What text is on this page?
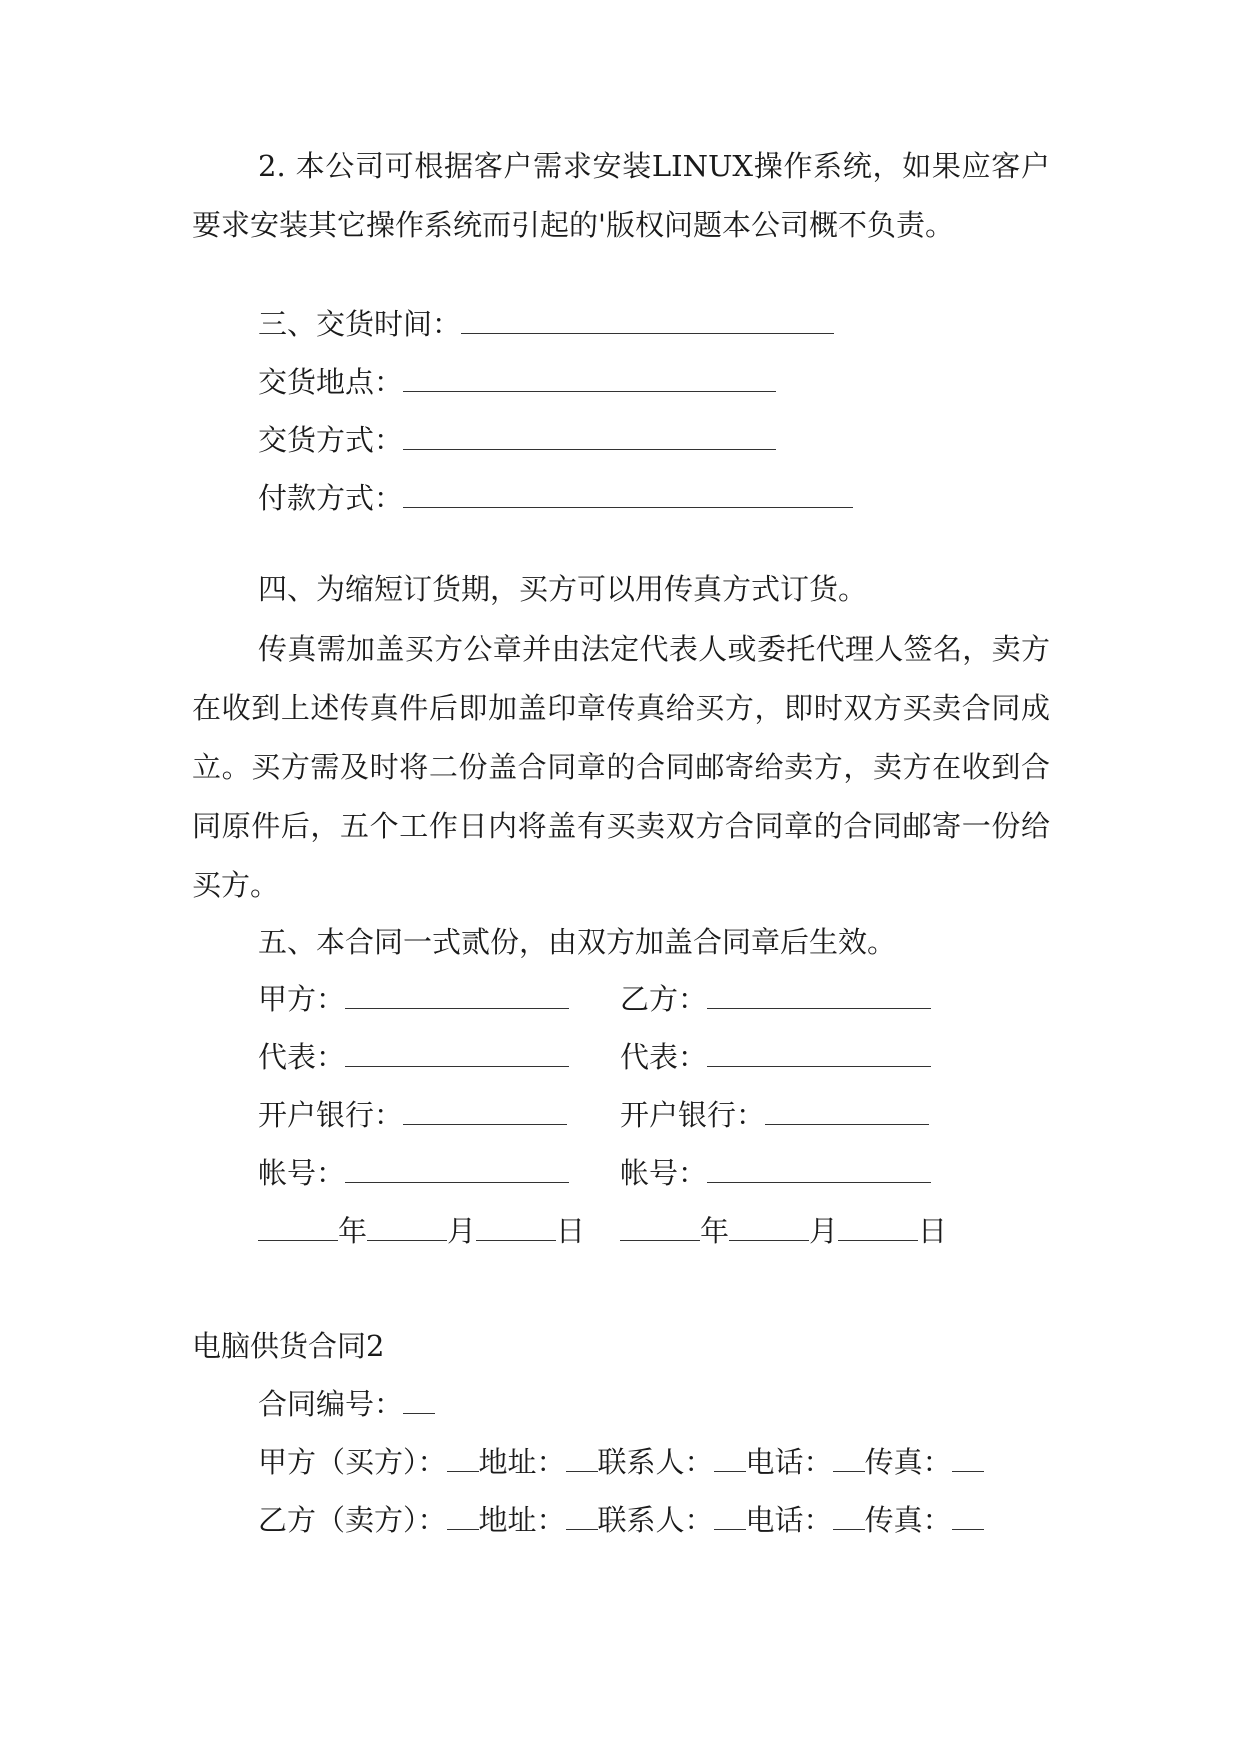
2. 本公司可根据客户需求安装LINUX操作系统，如果应客户要求安装其它操作系统而引起的'版权问题本公司概不负责。

三、交货时间：
交货地点：
交货方式：
付款方式：

四、为缩短订货期，买方可以用传真方式订货。

传真需加盖买方公章并由法定代表人或委托代理人签名，卖方在收到上述传真件后即加盖印章传真给买方，即时双方买卖合同成立。买方需及时将二份盖合同章的合同邮寄给卖方，卖方在收到合同原件后，五个工作日内将盖有买卖双方合同章的合同邮寄一份给买方。

五、本合同一式贰份，由双方加盖合同章后生效。

甲方：	乙方：
代表：	代表：
开户银行：	开户银行：
帐号：	帐号：
年	月	日	年	月	日
电脑供货合同2
合同编号：
甲方（买方）： 地址： 联系人： 电话： 传真：
乙方（卖方）： 地址： 联系人： 电话： 传真：
